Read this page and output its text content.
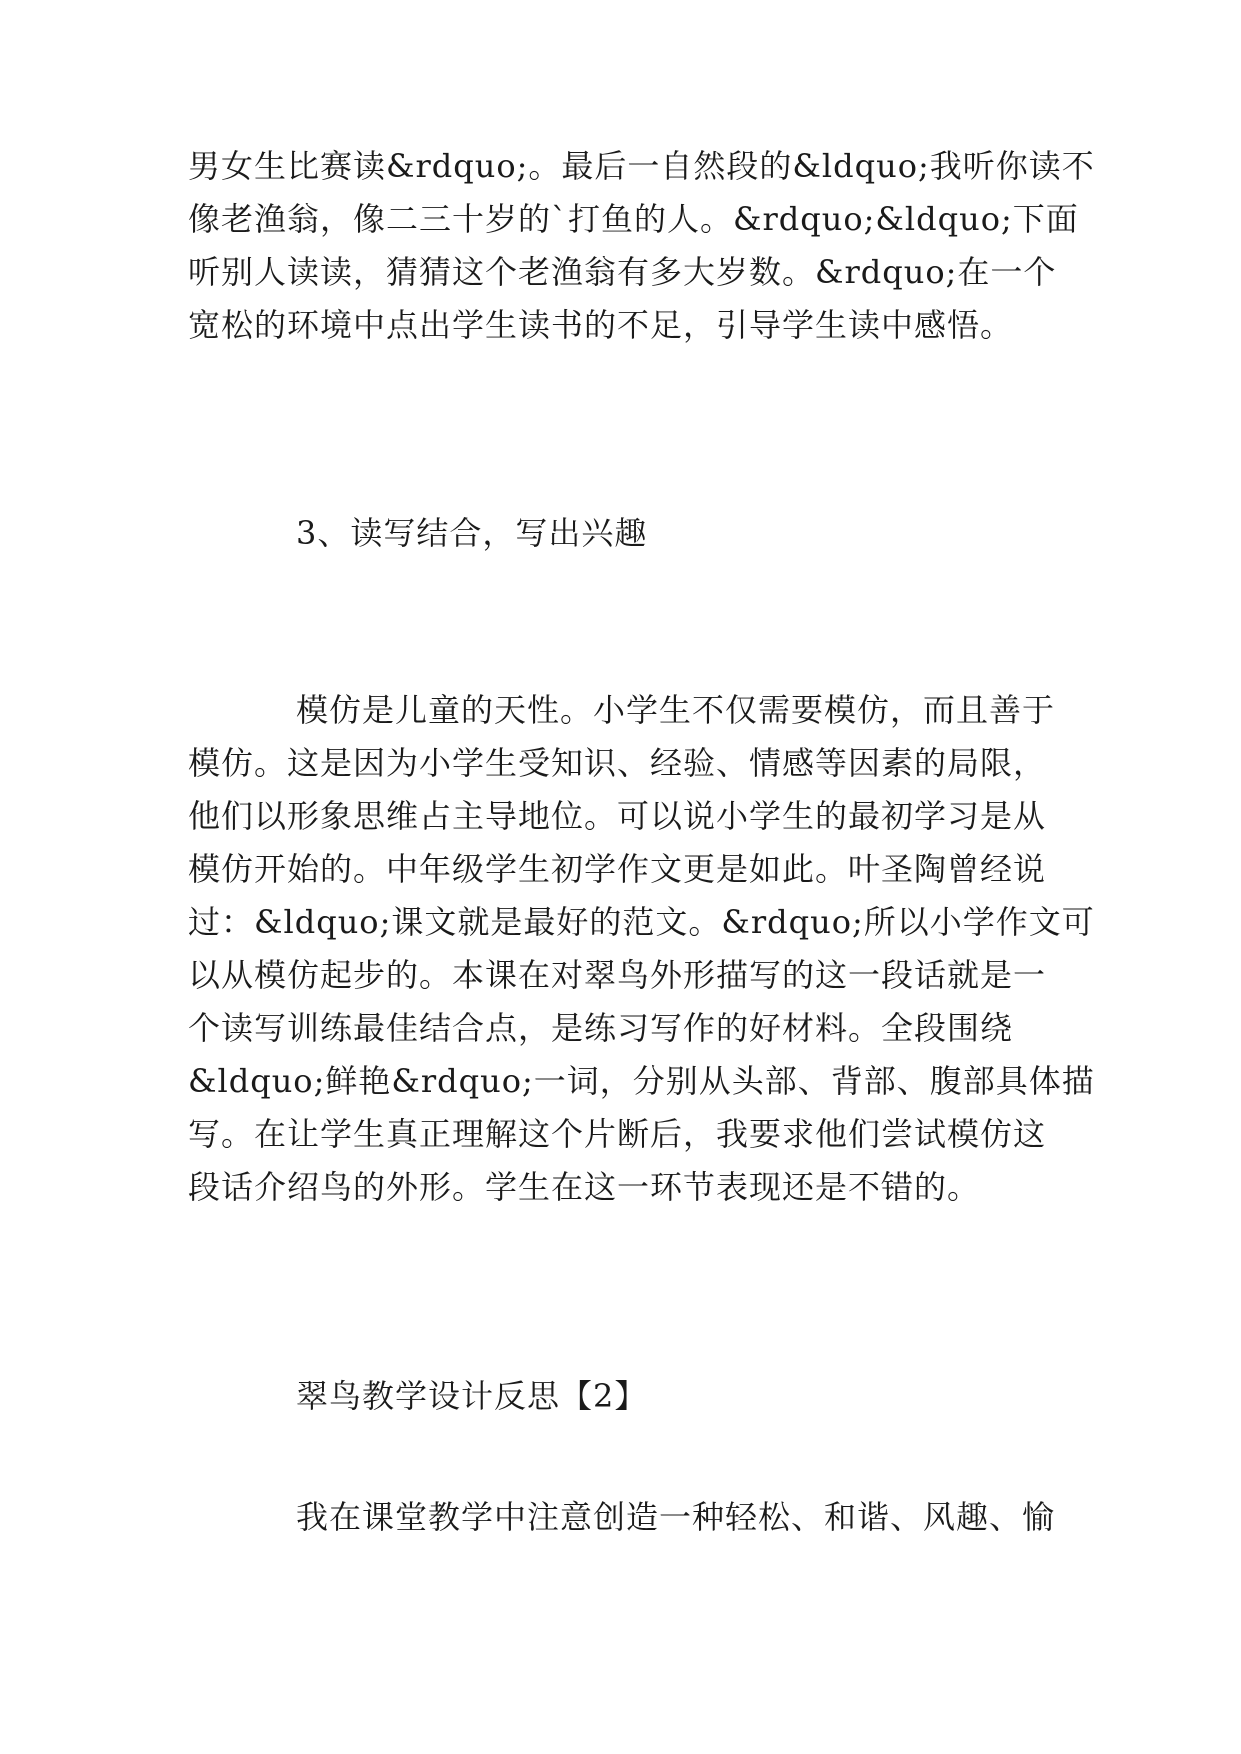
男女生比赛读&rdquo;。最后一自然段的&ldquo;我听你读不
像老渔翁，像二三十岁的`打鱼的人。&rdquo;&ldquo;下面
听别人读读，猜猜这个老渔翁有多大岁数。&rdquo;在一个
宽松的环境中点出学生读书的不足，引导学生读中感悟。
3、读写结合，写出兴趣
模仿是儿童的天性。小学生不仅需要模仿，而且善于
模仿。这是因为小学生受知识、经验、情感等因素的局限，
他们以形象思维占主导地位。可以说小学生的最初学习是从
模仿开始的。中年级学生初学作文更是如此。叶圣陶曾经说
过：&ldquo;课文就是最好的范文。&rdquo;所以小学作文可
以从模仿起步的。本课在对翠鸟外形描写的这一段话就是一
个读写训练最佳结合点，是练习写作的好材料。全段围绕
&ldquo;鲜艳&rdquo;一词，分别从头部、背部、腹部具体描
写。在让学生真正理解这个片断后，我要求他们尝试模仿这
段话介绍鸟的外形。学生在这一环节表现还是不错的。
翠鸟教学设计反思【2】
我在课堂教学中注意创造一种轻松、和谐、风趣、愉
